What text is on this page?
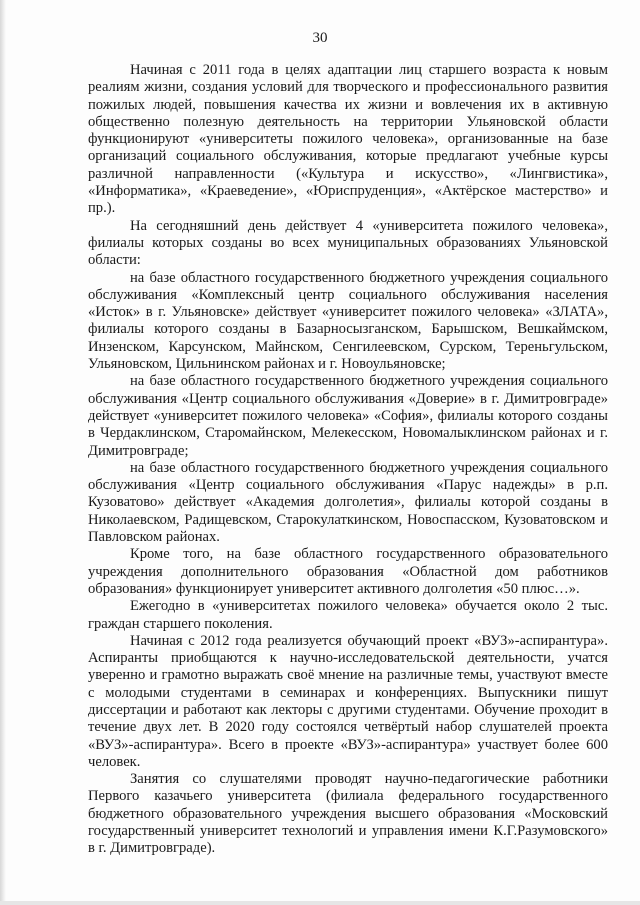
30

Начиная с 2011 года в целях адаптации лиц старшего возраста к новым реалиям жизни, создания условий для творческого и профессионального развития пожилых людей, повышения качества их жизни и вовлечения их в активную общественно полезную деятельность на территории Ульяновской области функционируют «университеты пожилого человека», организованные на базе организаций социального обслуживания, которые предлагают учебные курсы различной направленности («Культура и искусство», «Лингвистика», «Информатика», «Краеведение», «Юриспруденция», «Актёрское мастерство» и пр.).

На сегодняшний день действует 4 «университета пожилого человека», филиалы которых созданы во всех муниципальных образованиях Ульяновской области:

на базе областного государственного бюджетного учреждения социального обслуживания «Комплексный центр социального обслуживания населения «Исток» в г. Ульяновске» действует «университет пожилого человека» «ЗЛАТА», филиалы которого созданы в Базарносызганском, Барышском, Вешкаймском, Инзенском, Карсунском, Майнском, Сенгилеевском, Сурском, Тереньгульском, Ульяновском, Цильнинском районах и г. Новоульяновске;

на базе областного государственного бюджетного учреждения социального обслуживания «Центр социального обслуживания «Доверие» в г. Димитровграде» действует «университет пожилого человека» «София», филиалы которого созданы в Чердаклинском, Старомайнском, Мелекесском, Новомалыклинском районах и г. Димитровграде;

на базе областного государственного бюджетного учреждения социального обслуживания «Центр социального обслуживания «Парус надежды» в р.п. Кузоватово» действует «Академия долголетия», филиалы которой созданы в Николаевском, Радищевском, Старокулаткинском, Новоспасском, Кузоватовском и Павловском районах.

Кроме того, на базе областного государственного образовательного учреждения дополнительного образования «Областной дом работников образования» функционирует университет активного долголетия «50 плюс…».

Ежегодно в «университетах пожилого человека» обучается около 2 тыс. граждан старшего поколения.

Начиная с 2012 года реализуется обучающий проект «ВУЗ»-аспирантура». Аспиранты приобщаются к научно-исследовательской деятельности, учатся уверенно и грамотно выражать своё мнение на различные темы, участвуют вместе с молодыми студентами в семинарах и конференциях. Выпускники пишут диссертации и работают как лекторы с другими студентами. Обучение проходит в течение двух лет. В 2020 году состоялся четвёртый набор слушателей проекта «ВУЗ»-аспирантура». Всего в проекте «ВУЗ»-аспирантура» участвует более 600 человек.

Занятия со слушателями проводят научно-педагогические работники Первого казачьего университета (филиала федерального государственного бюджетного образовательного учреждения высшего образования «Московский государственный университет технологий и управления имени К.Г.Разумовского» в г. Димитровграде).
